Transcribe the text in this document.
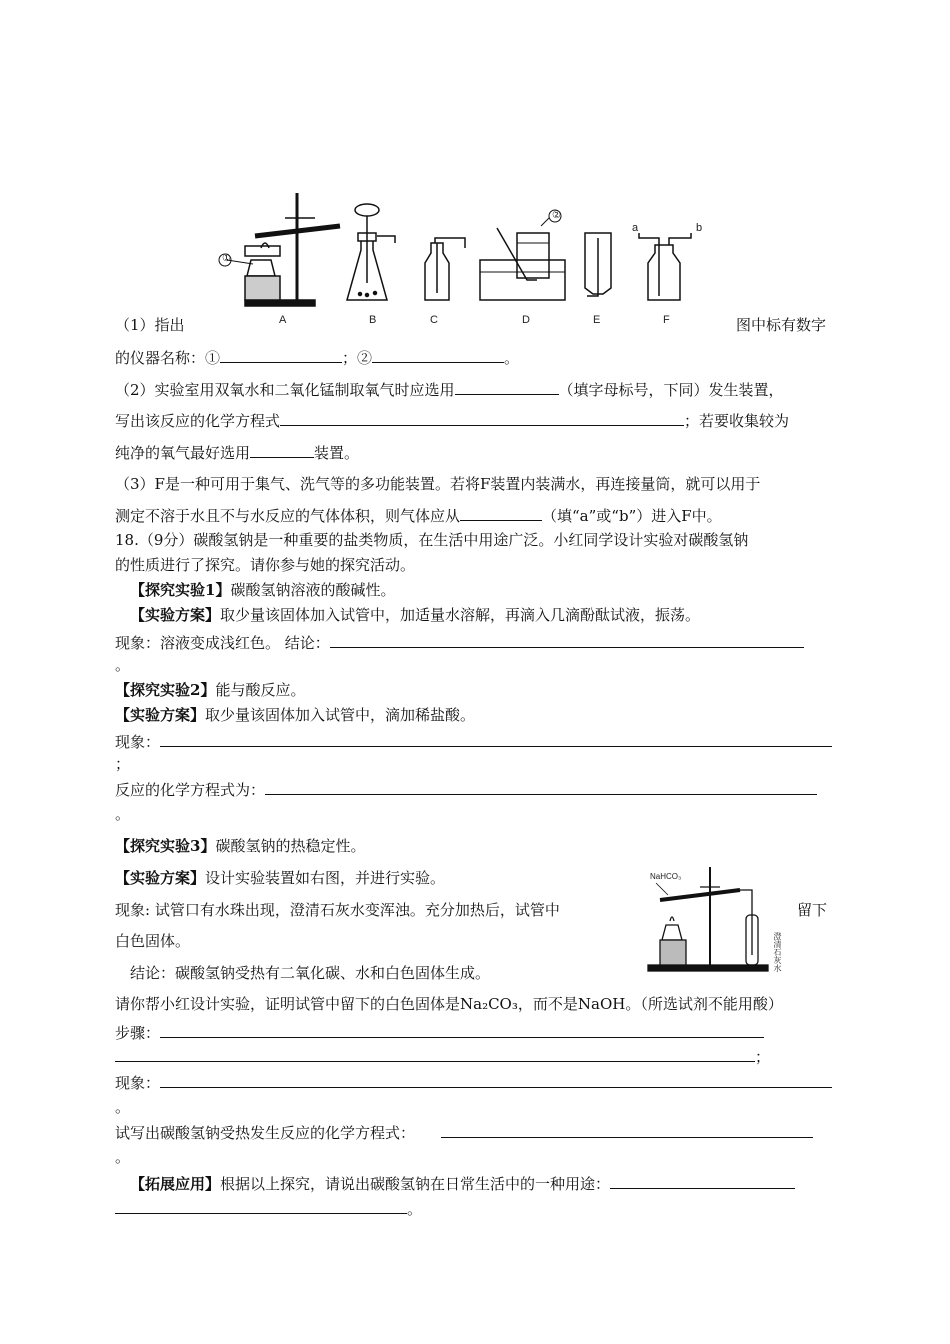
①
②
a	b
A	B	C	D	E	F
（1）指出	图中标有数字
的仪器名称：①	；②	。
（2）实验室用双氧水和二氧化锰制取氧气时应选用	（填字母标号，下同）发生装置，
写出该反应的化学方程式	；若要收集较为
纯净的氧气最好选用	装置。
（3）F是一种可用于集气、洗气等的多功能装置。若将F装置内装满水，再连接量筒，就可以用于
测定不溶于水且不与水反应的气体体积，则气体应从	（填“a”或“b”）进入F中。
18.（9分）碳酸氢钠是一种重要的盐类物质，在生活中用途广泛。小红同学设计实验对碳酸氢钠
的性质进行了探究。请你参与她的探究活动。
【探究实验1】碳酸氢钠溶液的酸碱性。
【实验方案】取少量该固体加入试管中，加适量水溶解，再滴入几滴酚酞试液，振荡。
现象：溶液变成浅红色。 结论：
。
【探究实验2】能与酸反应。
【实验方案】取少量该固体加入试管中，滴加稀盐酸。
现象：
；
反应的化学方程式为：
。
【探究实验3】碳酸氢钠的热稳定性。
【实验方案】设计实验装置如右图，并进行实验。
现象: 试管口有水珠出现，澄清石灰水变浑浊。充分加热后，试管中	留下
白色固体。
结论：碳酸氢钠受热有二氧化碳、水和白色固体生成。
NaHCO₃
澄清石灰水
请你帮小红设计实验，证明试管中留下的白色固体是Na₂CO₃，而不是NaOH。（所选试剂不能用酸）
步骤：
；
现象：
。
试写出碳酸氢钠受热发生反应的化学方程式：
。
【拓展应用】根据以上探究，请说出碳酸氢钠在日常生活中的一种用途：
。
